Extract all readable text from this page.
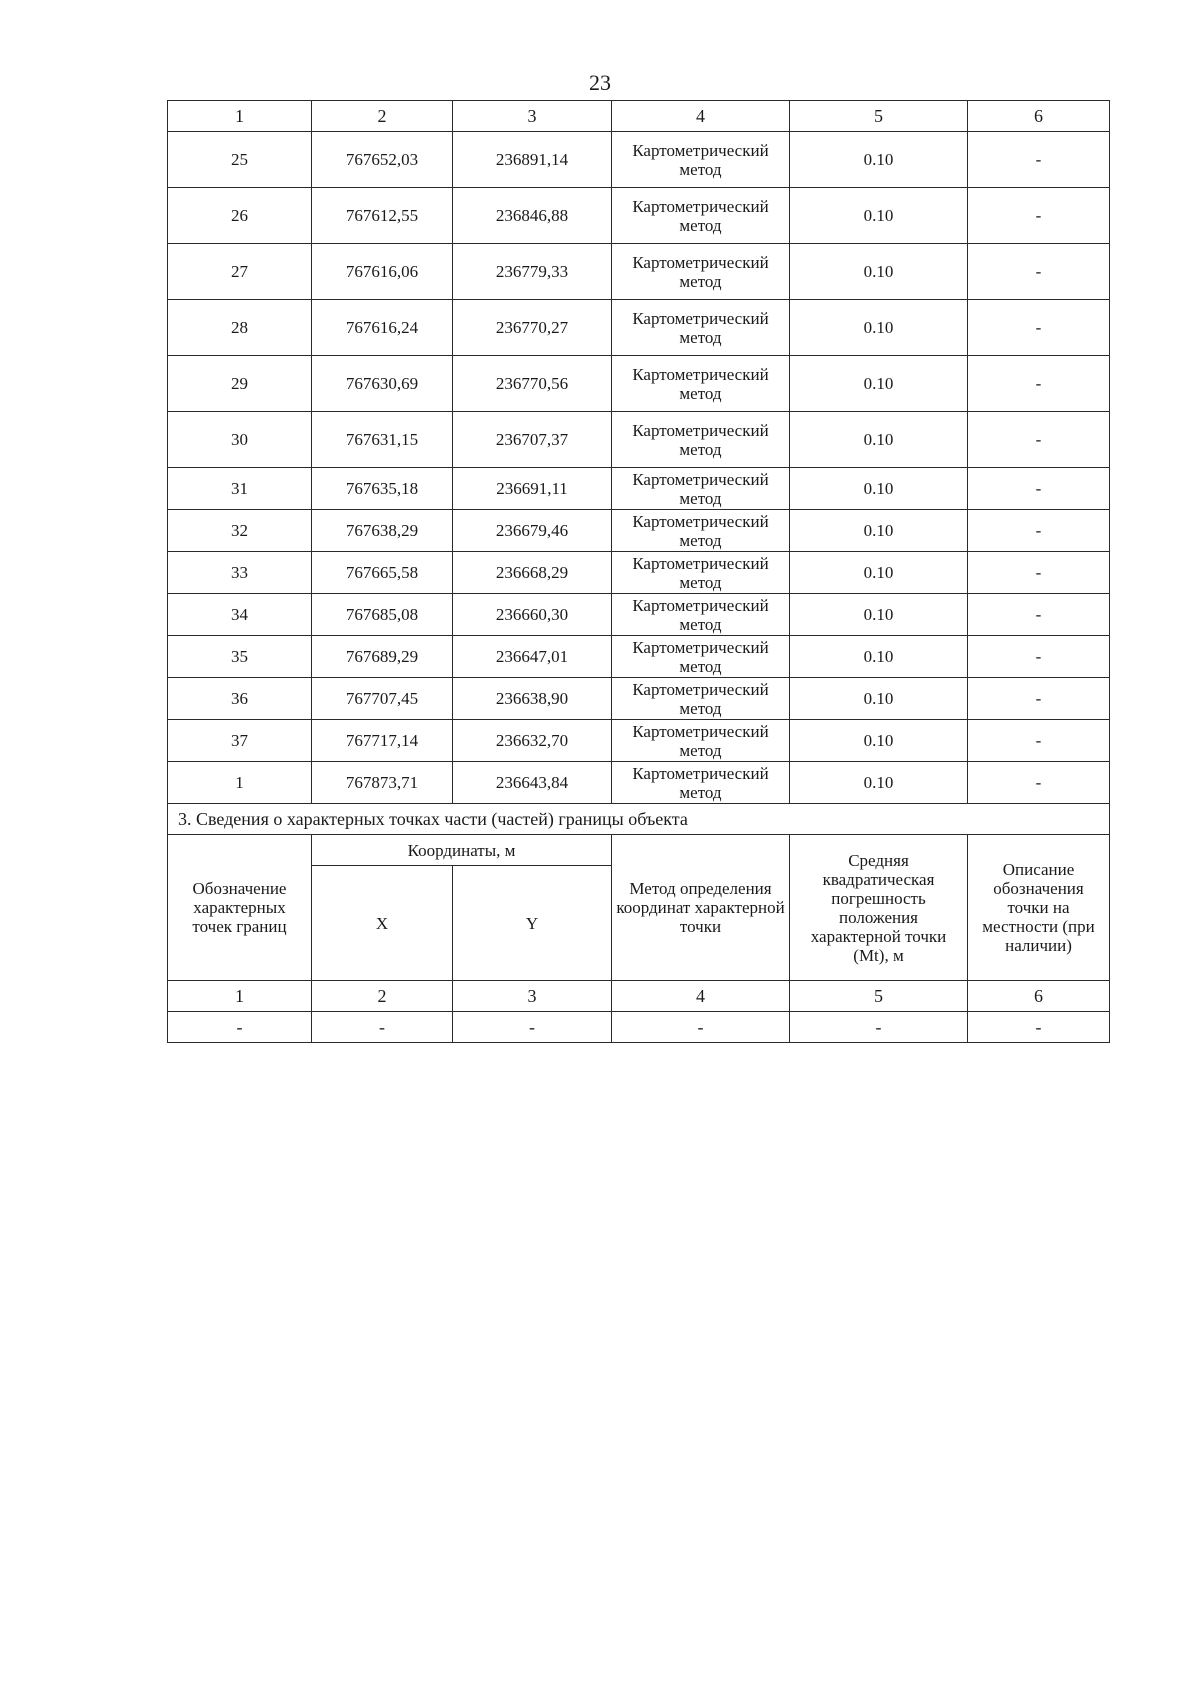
23
1	2	3	4	5	6
25	767652,03	236891,14	Картометрический метод	0.10	-
26	767612,55	236846,88	Картометрический метод	0.10	-
27	767616,06	236779,33	Картометрический метод	0.10	-
28	767616,24	236770,27	Картометрический метод	0.10	-
29	767630,69	236770,56	Картометрический метод	0.10	-
30	767631,15	236707,37	Картометрический метод	0.10	-
31	767635,18	236691,11	Картометрический метод	0.10	-
32	767638,29	236679,46	Картометрический метод	0.10	-
33	767665,58	236668,29	Картометрический метод	0.10	-
34	767685,08	236660,30	Картометрический метод	0.10	-
35	767689,29	236647,01	Картометрический метод	0.10	-
36	767707,45	236638,90	Картометрический метод	0.10	-
37	767717,14	236632,70	Картометрический метод	0.10	-
1	767873,71	236643,84	Картометрический метод	0.10	-
3. Сведения о характерных точках части (частей) границы объекта					
Обозначение характерных точек границ	Координаты, м		Метод определения координат характерной точки	Средняя квадратическая погрешность положения характерной точки (Mt), м	Описание обозначения точки на местности (при наличии)
	X	Y			
1	2	3	4	5	6
-	-	-	-	-	-
